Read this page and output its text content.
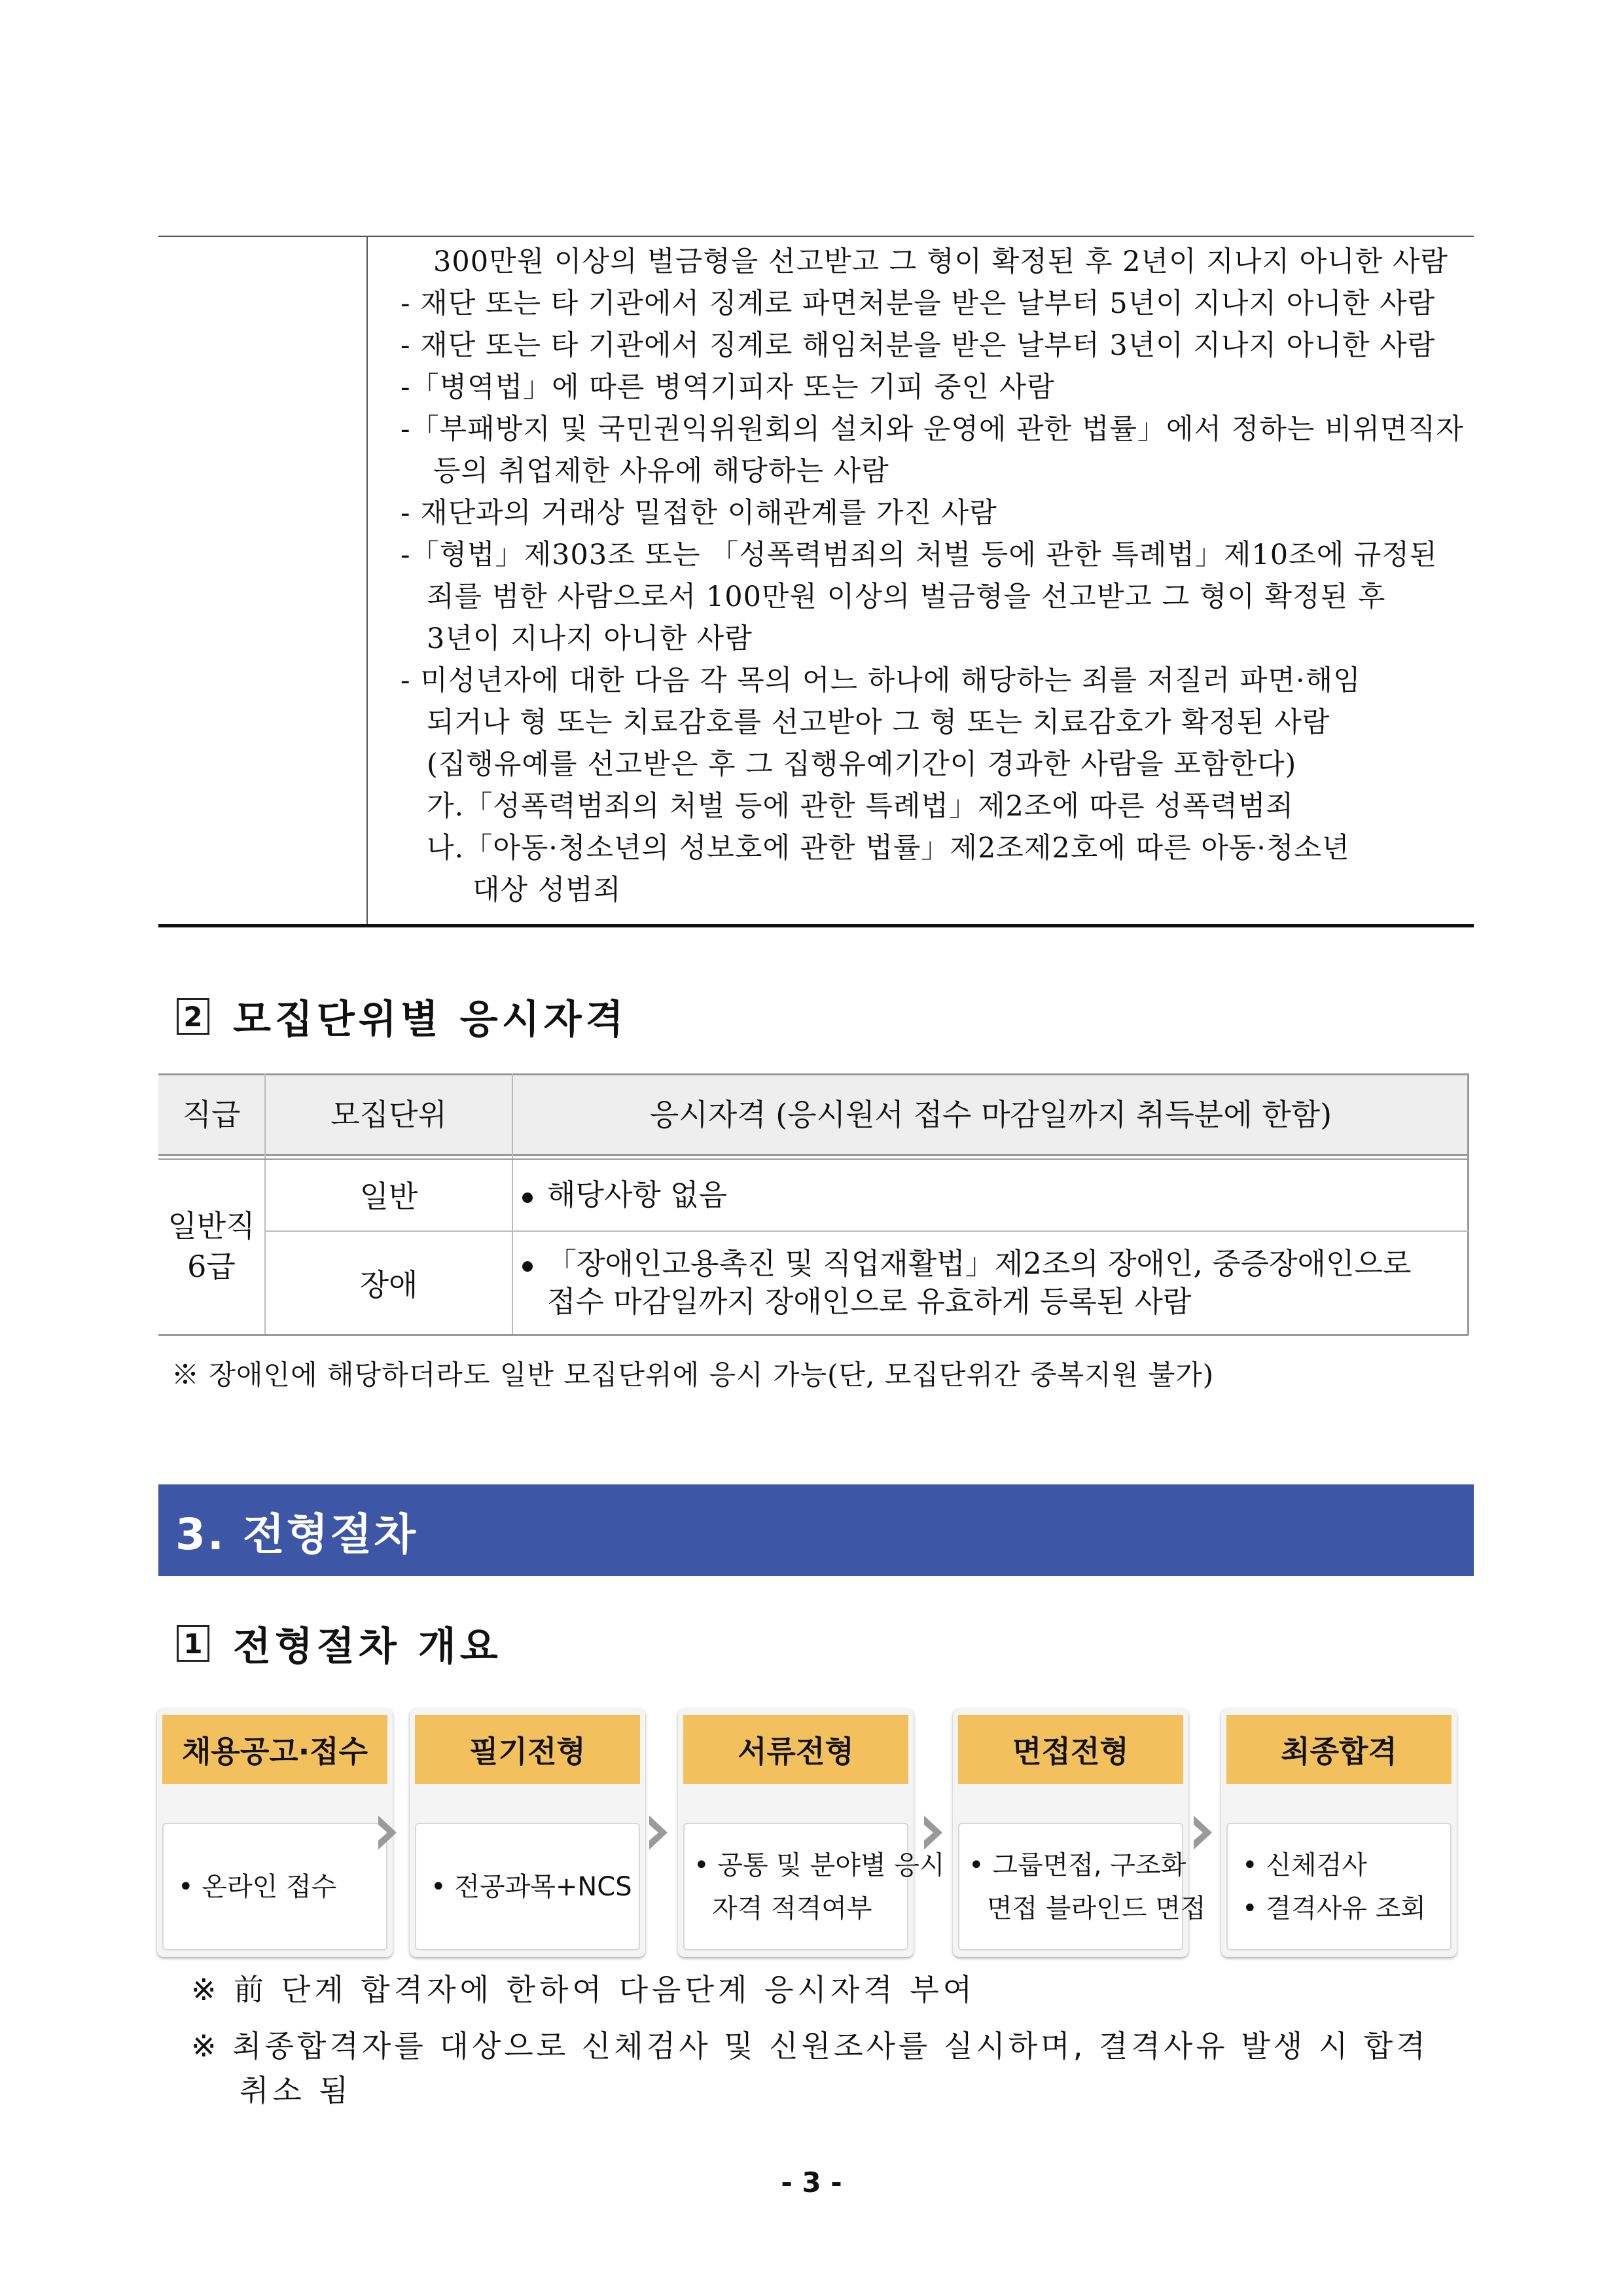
300만원 이상의 벌금형을 선고받고 그 형이 확정된 후 2년이 지나지 아니한 사람
- 재단 또는 타 기관에서 징계로 파면처분을 받은 날부터 5년이 지나지 아니한 사람
- 재단 또는 타 기관에서 징계로 해임처분을 받은 날부터 3년이 지나지 아니한 사람
-「병역법」에 따른 병역기피자 또는 기피 중인 사람
-「부패방지 및 국민권익위원회의 설치와 운영에 관한 법률」에서 정하는 비위면직자
등의 취업제한 사유에 해당하는 사람
- 재단과의 거래상 밀접한 이해관계를 가진 사람
-「형법」제303조 또는 「성폭력범죄의 처벌 등에 관한 특례법」제10조에 규정된
죄를 범한 사람으로서 100만원 이상의 벌금형을 선고받고 그 형이 확정된 후
3년이 지나지 아니한 사람
- 미성년자에 대한 다음 각 목의 어느 하나에 해당하는 죄를 저질러 파면·해임
되거나 형 또는 치료감호를 선고받아 그 형 또는 치료감호가 확정된 사람
(집행유예를 선고받은 후 그 집행유예기간이 경과한 사람을 포함한다)
가.「성폭력범죄의 처벌 등에 관한 특례법」제2조에 따른 성폭력범죄
나.「아동·청소년의 성보호에 관한 법률」제2조제2호에 따른 아동·청소년
대상 성범죄
2 모집단위별 응시자격
직급	모집단위	응시자격 (응시원서 접수 마감일까지 취득분에 한함)
일반직
6급
일반
장애
해당사항 없음
「장애인고용촉진 및 직업재활법」제2조의 장애인, 중증장애인으로
접수 마감일까지 장애인으로 유효하게 등록된 사람
※ 장애인에 해당하더라도 일반 모집단위에 응시 가능(단, 모집단위간 중복지원 불가)
3. 전형절차
1 전형절차 개요
채용공고·접수
• 온라인 접수
필기전형
• 전공과목+NCS
서류전형
• 공통 및 분야별 응시
자격 적격여부
면접전형
• 그룹면접, 구조화
면접 블라인드 면접
최종합격
• 신체검사
• 결격사유 조회
※ 前 단계 합격자에 한하여 다음단계 응시자격 부여
※ 최종합격자를 대상으로 신체검사 및 신원조사를 실시하며, 결격사유 발생 시 합격
취소 됨
- 3 -
